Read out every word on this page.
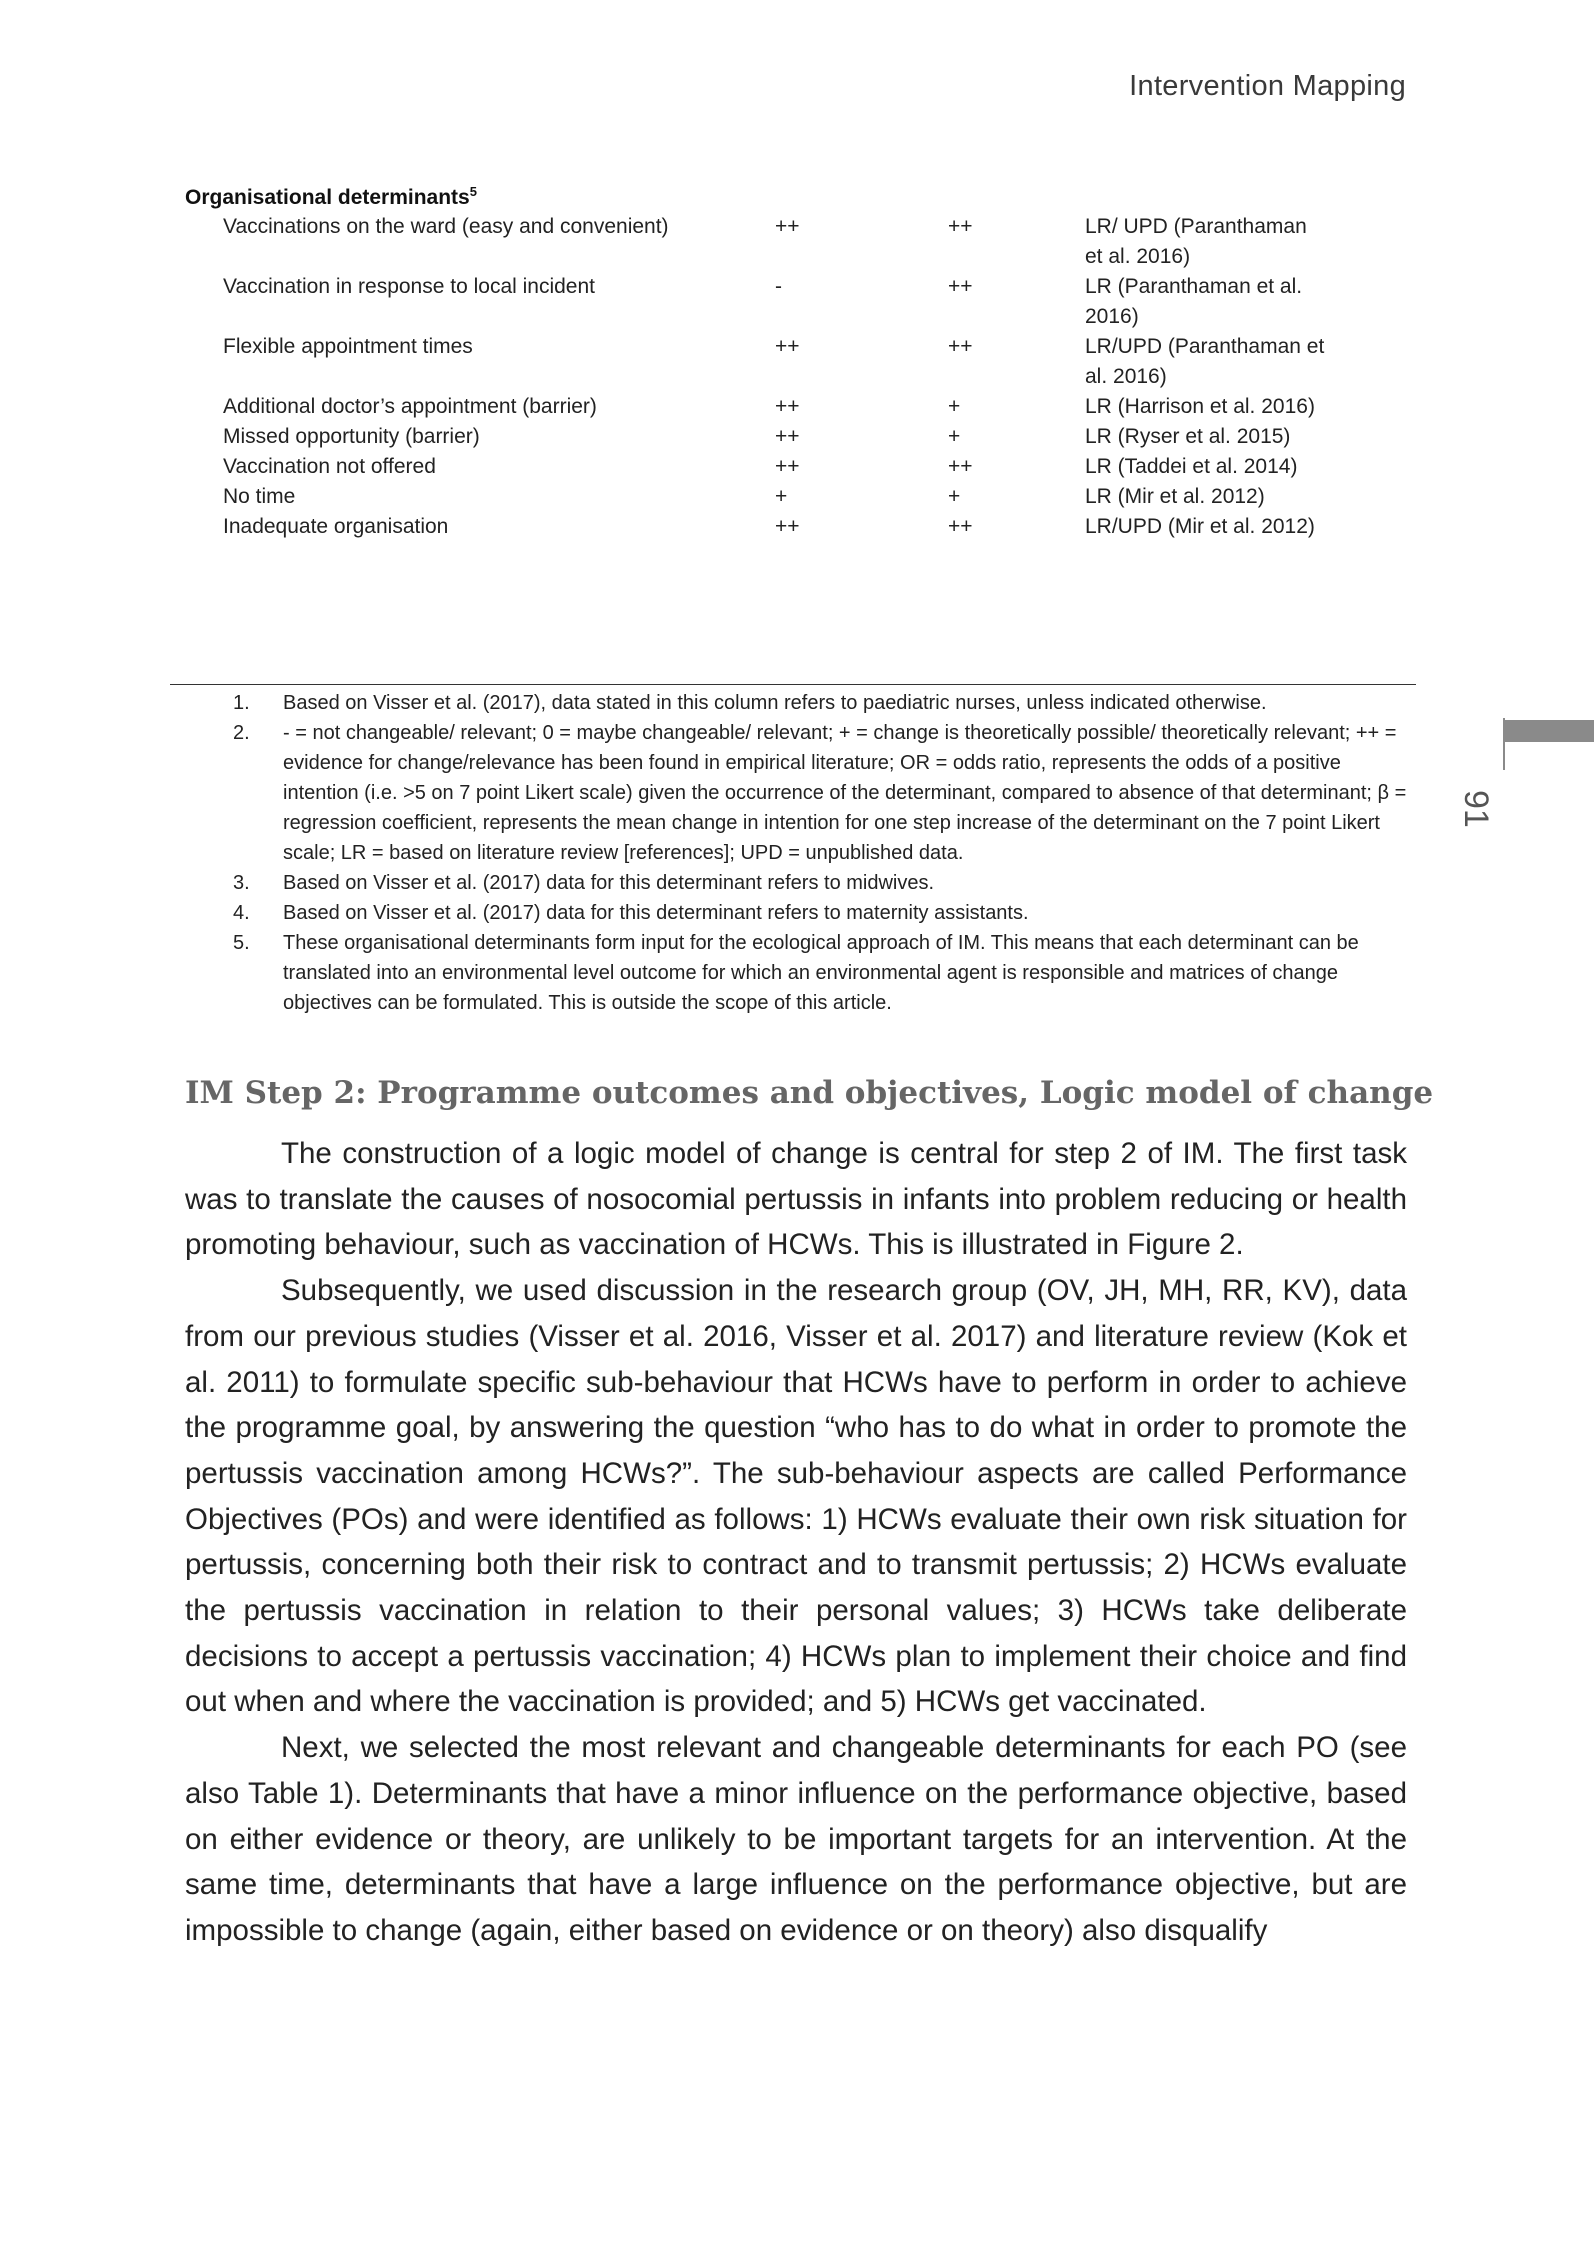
Intervention Mapping
91
Organisational determinants$^5$
Vaccinations on the ward (easy and convenient)	++	++	LR/ UPD (Paranthaman et al. 2016)
Vaccination in response to local incident	-	++	LR (Paranthaman et al. 2016)
Flexible appointment times	++	++	LR/UPD (Paranthaman et al. 2016)
Additional doctor’s appointment (barrier)	++	+	LR (Harrison et al. 2016)
Missed opportunity (barrier)	++	+	LR (Ryser et al. 2015)
Vaccination not offered	++	++	LR (Taddei et al. 2014)
No time	+	+	LR (Mir et al. 2012)
Inadequate organisation	++	++	LR/UPD (Mir et al. 2012)
1.	Based on Visser et al. (2017), data stated in this column refers to paediatric nurses, unless indicated otherwise.
2.	- = not changeable/ relevant; 0 = maybe changeable/ relevant; + = change is theoretically possible/ theoretically relevant; ++ = evidence for change/relevance has been found in empirical literature; OR = odds ratio, represents the odds of a positive intention (i.e. >5 on 7 point Likert scale) given the occurrence of the determinant, compared to absence of that determinant; β = regression coefficient, represents the mean change in intention for one step increase of the determinant on the 7 point Likert scale; LR = based on literature review [references]; UPD = unpublished data.
3.	Based on Visser et al. (2017) data for this determinant refers to midwives.
4.	Based on Visser et al. (2017) data for this determinant refers to maternity assistants.
5.	These organisational determinants form input for the ecological approach of IM. This means that each determinant can be translated into an environmental level outcome for which an environmental agent is responsible and matrices of change objectives can be formulated. This is outside the scope of this article.
IM Step 2: Programme outcomes and objectives, Logic model of change

The construction of a logic model of change is central for step 2 of IM. The first task was to translate the causes of nosocomial pertussis in infants into problem reducing or health promoting behaviour, such as vaccination of HCWs. This is illustrated in Figure 2.

Subsequently, we used discussion in the research group (OV, JH, MH, RR, KV), data from our previous studies (Visser et al. 2016, Visser et al. 2017) and literature review (Kok et al. 2011) to formulate specific sub-behaviour that HCWs have to perform in order to achieve the programme goal, by answering the question “who has to do what in order to promote the pertussis vaccination among HCWs?”. The sub-behaviour aspects are called Performance Objectives (POs) and were identified as follows: 1) HCWs evaluate their own risk situation for pertussis, concerning both their risk to contract and to transmit pertussis; 2) HCWs evaluate the pertussis vaccination in relation to their personal values; 3) HCWs take deliberate decisions to accept a pertussis vaccination; 4) HCWs plan to implement their choice and find out when and where the vaccination is provided; and 5) HCWs get vaccinated.

Next, we selected the most relevant and changeable determinants for each PO (see also Table 1). Determinants that have a minor influence on the performance objective, based on either evidence or theory, are unlikely to be important targets for an intervention. At the same time, determinants that have a large influence on the performance objective, but are impossible to change (again, either based on evidence or on theory) also disqualify
